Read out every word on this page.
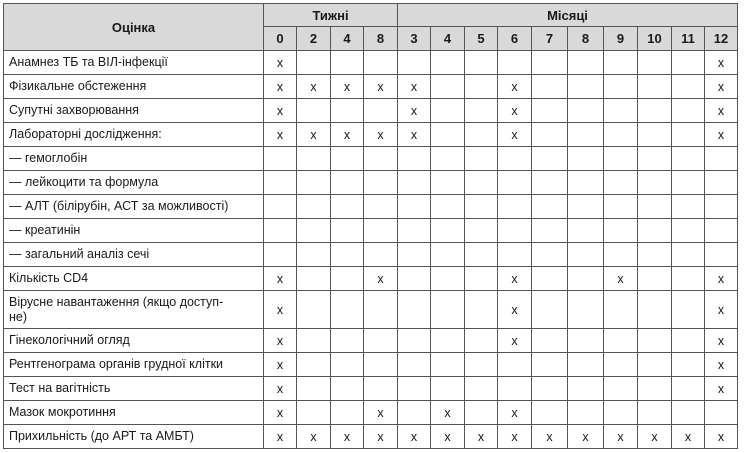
Оцінка	Тижні				Місяці									
	0	2	4	8	3	4	5	6	7	8	9	10	11	12
Анамнез ТБ та ВІЛ-інфекції	x													x
Фізикальне обстеження	x	x	x	x	x			x						x
Супутні захворювання	x				x			x						x
Лабораторні дослідження:	x	x	x	x	x			x						x
— гемоглобін														
— лейкоцити та формула														
— АЛТ (білірубін, АСТ за можливості)														
— креатинін														
— загальний аналіз сечі														
Кількість CD4	x			x				x			x			x
Вірусне навантаження (якщо доступ-
не)	x							x						x
Гінекологічний огляд	x							x						x
Рентгенограма органів грудної клітки	x													x
Тест на вагітність	x													x
Мазок мокротиння	x			x		x		x						
Прихильність (до АРТ та АМБТ)	x	x	x	x	x	x	x	x	x	x	x	x	x	x
